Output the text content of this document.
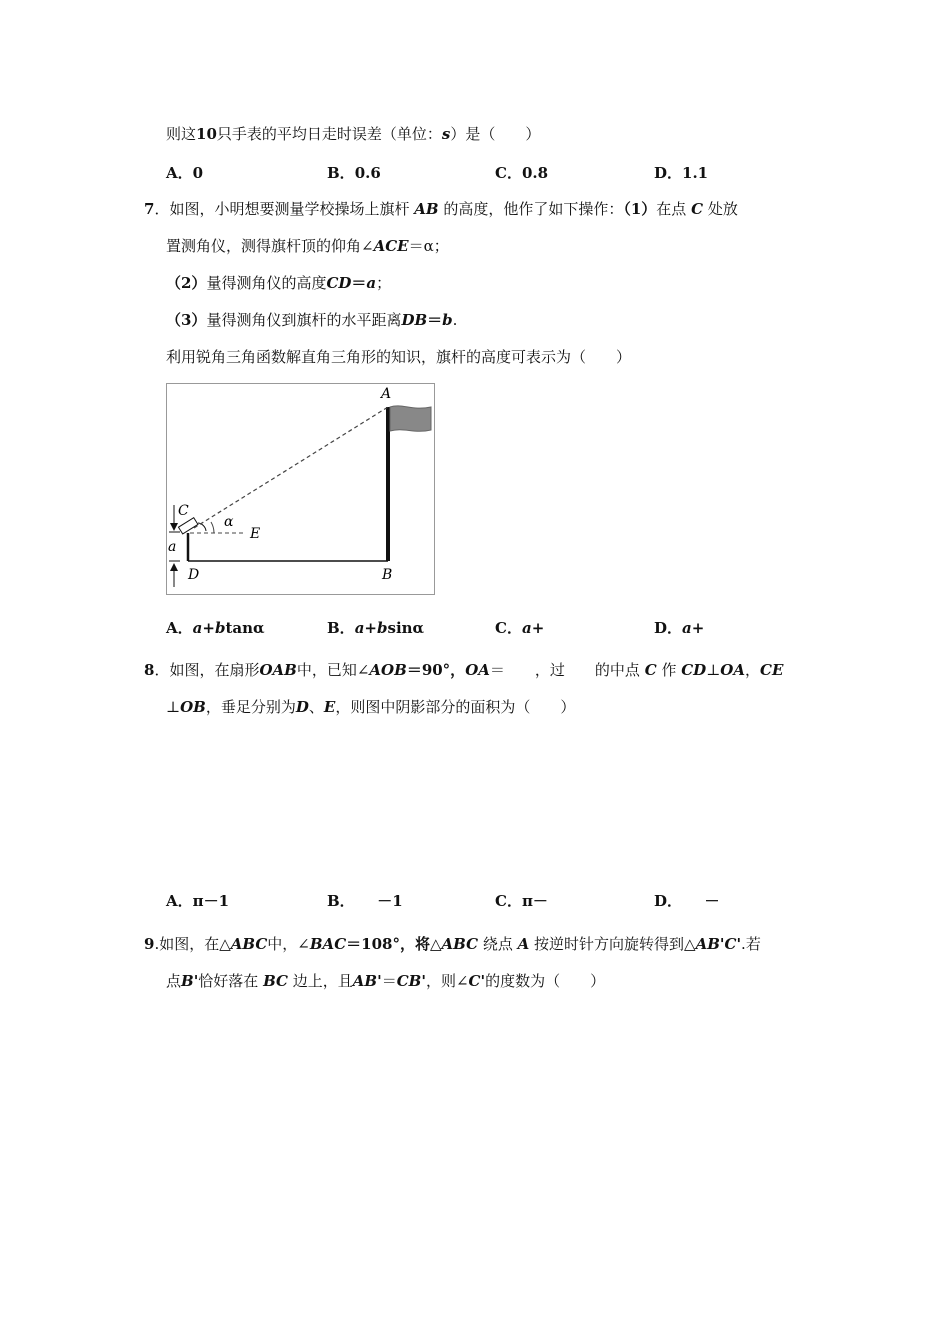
则这10只手表的平均日走时误差（单位：s）是（　　）
A．0	B．0.6	C．0.8	D．1.1
7．如图，小明想要测量学校操场上旗杆 AB 的高度，他作了如下操作：（1）在点 C 处放
置测角仪，测得旗杆顶的仰角∠ACE＝α；
（2）量得测角仪的高度CD＝a；
（3）量得测角仪到旗杆的水平距离DB＝b.
利用锐角三角函数解直角三角形的知识，旗杆的高度可表示为（　　）
A
B
C
D
E
α
a
A．a+btanα	B．a+bsinα	C．a+	D．a+
8．如图，在扇形OAB中，已知∠AOB＝90°，OA＝　　，过　　的中点 C 作 CD⊥OA，CE
⊥OB，垂足分别为D、E，则图中阴影部分的面积为（　　）
A．π－1	B．　　－1	C．π－	D．　　－
9.如图，在△ABC中，∠BAC＝108°，将△ABC 绕点 A 按逆时针方向旋转得到△AB'C'.若
点B'恰好落在 BC 边上，且AB'＝CB'，则∠C'的度数为（　　）
